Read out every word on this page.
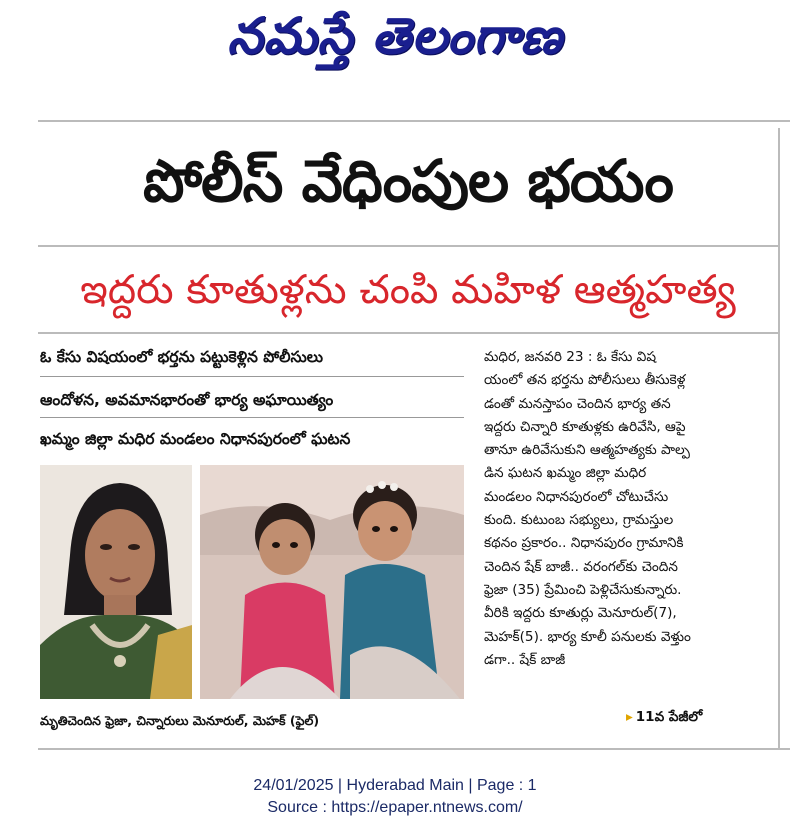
నమస్తే తెలంగాణ
పోలీస్ వేధింపుల భయం
ఇద్దరు కూతుళ్లను చంపి మహిళ ఆత్మహత్య
ఓ కేసు విషయంలో భర్తను పట్టుకెళ్లిన పోలీసులు
ఆందోళన, అవమానభారంతో భార్య అఘాయిత్యం
ఖమ్మం జిల్లా మధిర మండలం నిధానపురంలో ఘటన
మృతిచెందిన ఫ్రెజా, చిన్నారులు మెనూరుల్, మెహక్ (ఫైల్)
మధిర, జనవరి 23 : ఓ కేసు విష
యంలో తన భర్తను పోలీసులు తీసుకెళ్ల
డంతో మనస్తాపం చెందిన భార్య తన
ఇద్దరు చిన్నారి కూతుళ్లకు ఉరివేసి, ఆపై
తానూ ఉరివేసుకుని ఆత్మహత్యకు పాల్ప
డిన ఘటన ఖమ్మం జిల్లా మధిర
మండలం నిధానపురంలో చోటుచేసు
కుంది. కుటుంబ సభ్యులు, గ్రామస్తుల
కథనం ప్రకారం.. నిధానపురం గ్రామానికి
చెందిన షేక్ బాజీ.. వరంగల్‌కు చెందిన
ఫ్రెజా (35) ప్రేమించి పెళ్లిచేసుకున్నారు.
వీరికి ఇద్దరు కూతుర్లు మెనూరుల్(7),
మెహక్(5). భార్య కూలీ పనులకు వెళ్తుం
డగా.. షేక్ బాజీ
▸ 11వ పేజీలో
24/01/2025 | Hyderabad Main | Page : 1
Source : https://epaper.ntnews.com/
